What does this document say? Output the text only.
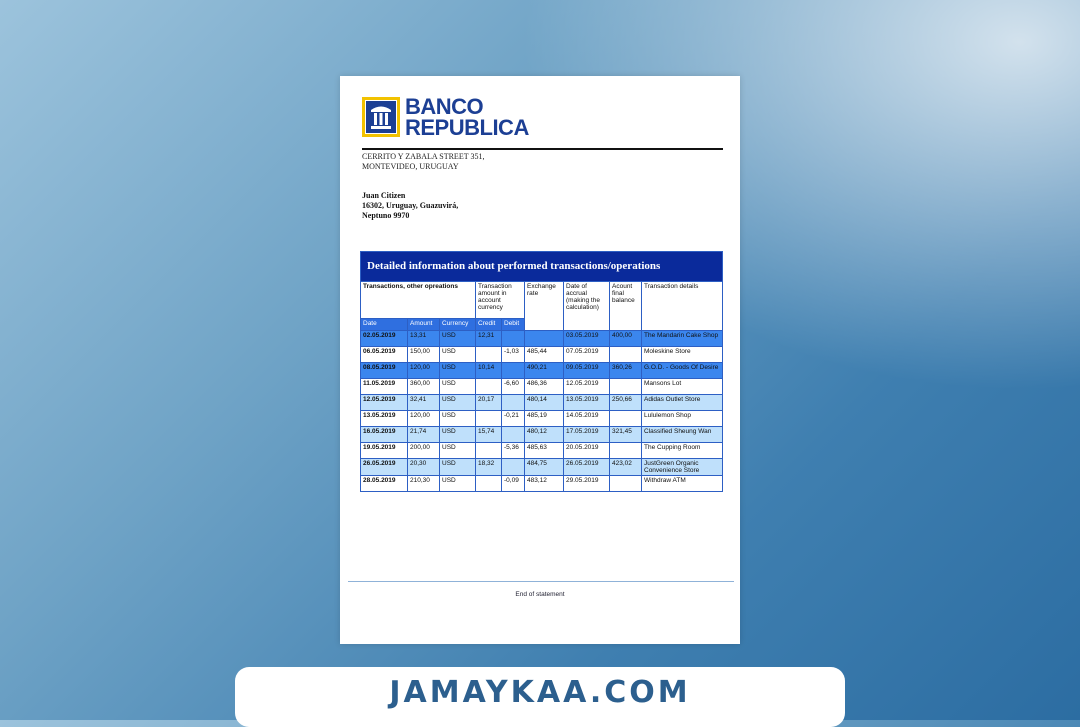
BANCO
REPUBLICA
CERRITO Y ZABALA STREET 351,
MONTEVIDEO, URUGUAY
Juan Citizen
16302, Uruguay, Guazuvirá,
Neptuno 9970
Detailed information about performed transactions/operations								
Transactions, other opreations			Transaction amount in account currency		Exchange rate	Date of accrual (making the calculation)	Acount final balance	Transaction details
Date	Amount	Currency	Credit	Debit				
02.05.2019	13,31	USD	12,31			03.05.2019	400,00	The Mandarin Cake Shop
06.05.2019	150,00	USD		-1,03	485,44	07.05.2019		Moleskine Store
08.05.2019	120,00	USD	10,14		490,21	09.05.2019	360,26	G.O.D. - Goods Of Desire
11.05.2019	360,00	USD		-6,60	486,36	12.05.2019		Mansons Lot
12.05.2019	32,41	USD	20,17		480,14	13.05.2019	250,66	Adidas Outlet Store
13.05.2019	120,00	USD		-0,21	485,19	14.05.2019		Lululemon Shop
16.05.2019	21,74	USD	15,74		480,12	17.05.2019	321,45	Classified Sheung Wan
19.05.2019	200,00	USD		-5,36	485,63	20.05.2019		The Cupping Room
26.05.2019	20,30	USD	18,32		484,75	26.05.2019	423,02	JustGreen Organic Convenience Store
28.05.2019	210,30	USD		-0,09	483,12	29.05.2019		Withdraw ATM
End of statement
JAMAYKAA.COM
